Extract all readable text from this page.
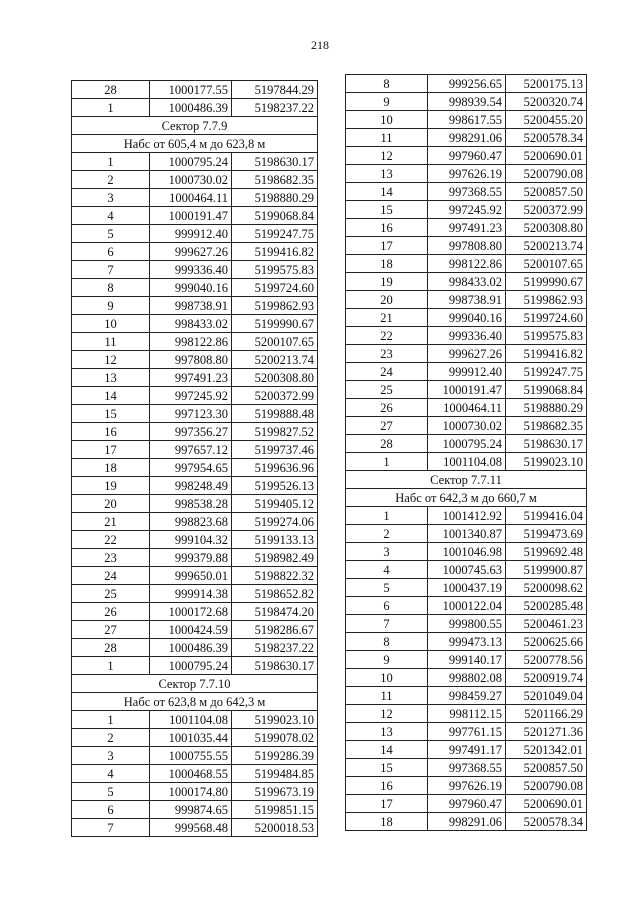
218
28	1000177.55	5197844.29
1	1000486.39	5198237.22
Сектор 7.7.9		
Набс от 605,4 м до 623,8 м		
1	1000795.24	5198630.17
2	1000730.02	5198682.35
3	1000464.11	5198880.29
4	1000191.47	5199068.84
5	999912.40	5199247.75
6	999627.26	5199416.82
7	999336.40	5199575.83
8	999040.16	5199724.60
9	998738.91	5199862.93
10	998433.02	5199990.67
11	998122.86	5200107.65
12	997808.80	5200213.74
13	997491.23	5200308.80
14	997245.92	5200372.99
15	997123.30	5199888.48
16	997356.27	5199827.52
17	997657.12	5199737.46
18	997954.65	5199636.96
19	998248.49	5199526.13
20	998538.28	5199405.12
21	998823.68	5199274.06
22	999104.32	5199133.13
23	999379.88	5198982.49
24	999650.01	5198822.32
25	999914.38	5198652.82
26	1000172.68	5198474.20
27	1000424.59	5198286.67
28	1000486.39	5198237.22
1	1000795.24	5198630.17
Сектор 7.7.10		
Набс от 623,8 м до 642,3 м		
1	1001104.08	5199023.10
2	1001035.44	5199078.02
3	1000755.55	5199286.39
4	1000468.55	5199484.85
5	1000174.80	5199673.19
6	999874.65	5199851.15
7	999568.48	5200018.53
8	999256.65	5200175.13
9	998939.54	5200320.74
10	998617.55	5200455.20
11	998291.06	5200578.34
12	997960.47	5200690.01
13	997626.19	5200790.08
14	997368.55	5200857.50
15	997245.92	5200372.99
16	997491.23	5200308.80
17	997808.80	5200213.74
18	998122.86	5200107.65
19	998433.02	5199990.67
20	998738.91	5199862.93
21	999040.16	5199724.60
22	999336.40	5199575.83
23	999627.26	5199416.82
24	999912.40	5199247.75
25	1000191.47	5199068.84
26	1000464.11	5198880.29
27	1000730.02	5198682.35
28	1000795.24	5198630.17
1	1001104.08	5199023.10
Сектор 7.7.11		
Набс от 642,3 м до 660,7 м		
1	1001412.92	5199416.04
2	1001340.87	5199473.69
3	1001046.98	5199692.48
4	1000745.63	5199900.87
5	1000437.19	5200098.62
6	1000122.04	5200285.48
7	999800.55	5200461.23
8	999473.13	5200625.66
9	999140.17	5200778.56
10	998802.08	5200919.74
11	998459.27	5201049.04
12	998112.15	5201166.29
13	997761.15	5201271.36
14	997491.17	5201342.01
15	997368.55	5200857.50
16	997626.19	5200790.08
17	997960.47	5200690.01
18	998291.06	5200578.34
